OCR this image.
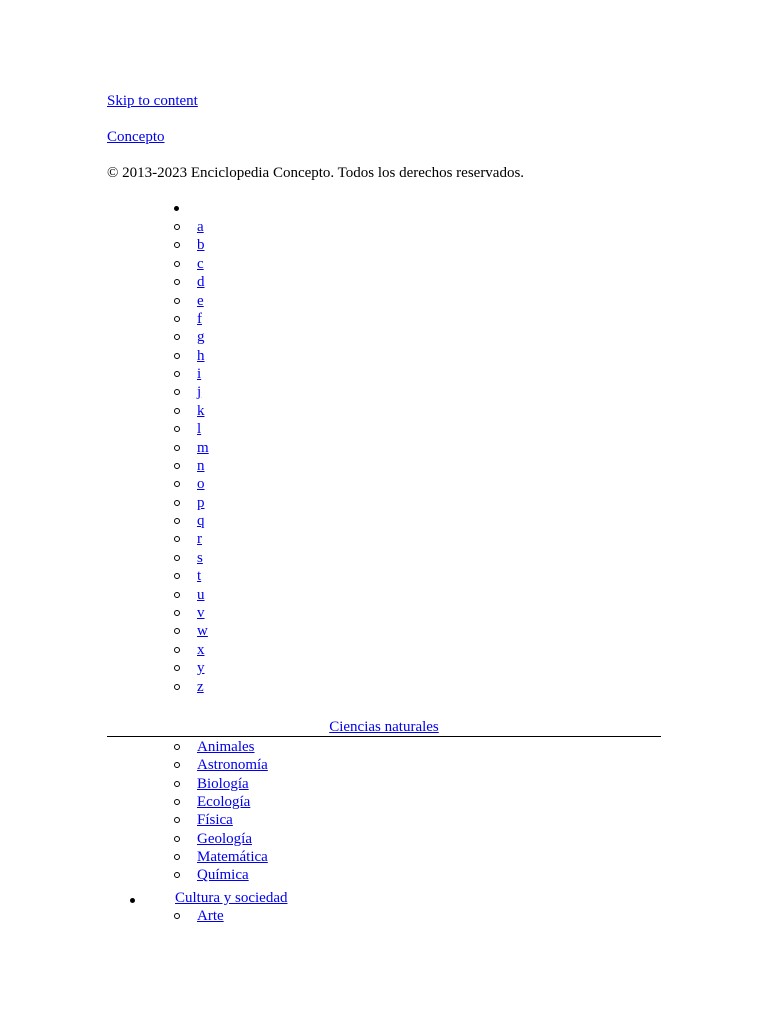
Skip to content
Concepto
© 2013-2023 Enciclopedia Concepto. Todos los derechos reservados.
a
b
c
d
e
f
g
h
i
j
k
l
m
n
o
p
q
r
s
t
u
v
w
x
y
z
Ciencias naturales
Animales
Astronomía
Biología
Ecología
Física
Geología
Matemática
Química
Cultura y sociedad
Arte
